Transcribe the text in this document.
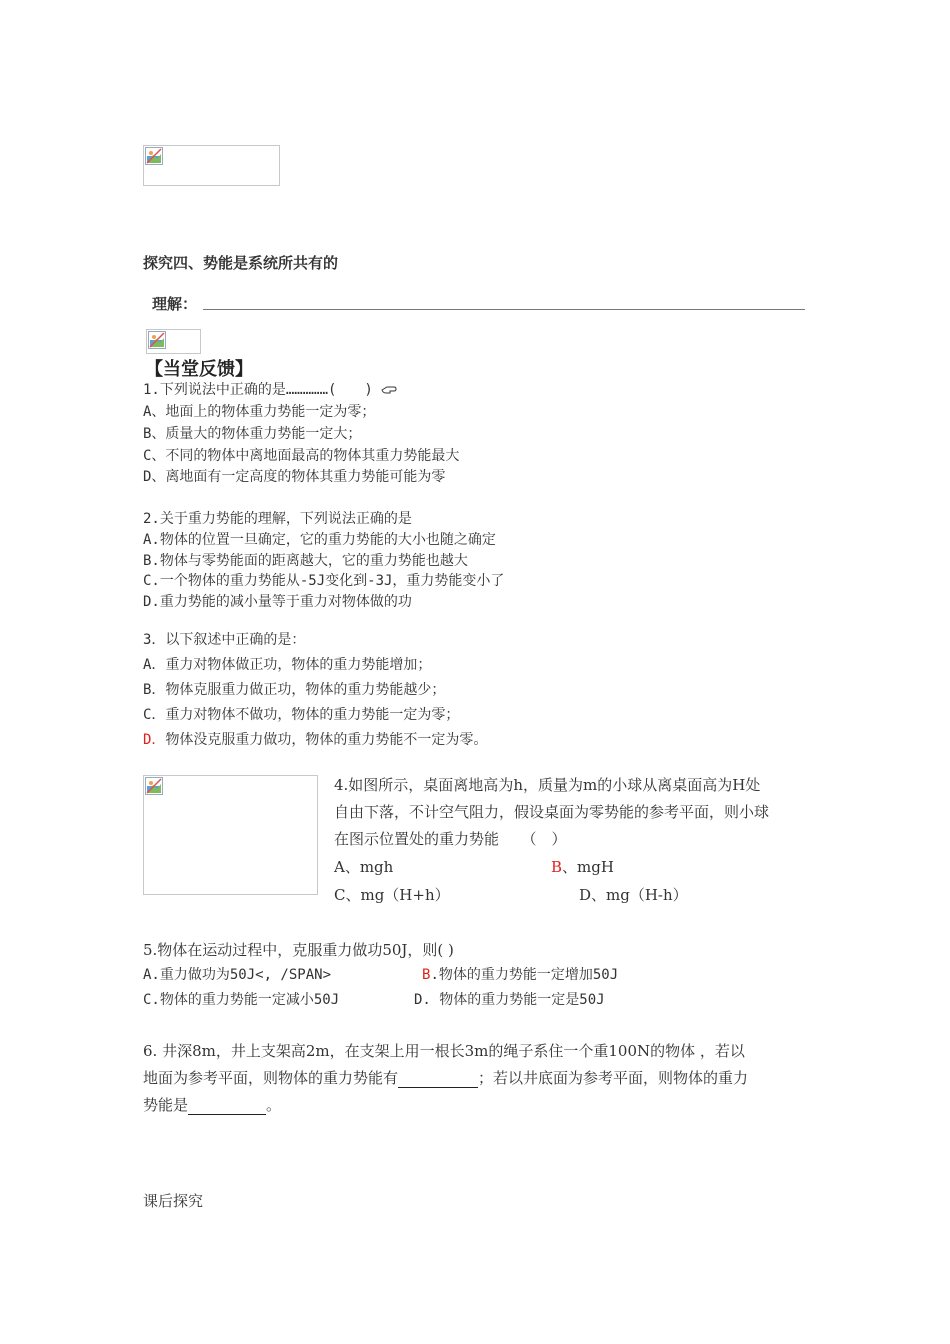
探究四、势能是系统所共有的
理解：
【当堂反馈】
1.下列说法中正确的是……………(　　)
A、地面上的物体重力势能一定为零；
B、质量大的物体重力势能一定大；
C、不同的物体中离地面最高的物体其重力势能最大
D、离地面有一定高度的物体其重力势能可能为零
2.关于重力势能的理解，下列说法正确的是
A.物体的位置一旦确定，它的重力势能的大小也随之确定
B.物体与零势能面的距离越大，它的重力势能也越大
C.一个物体的重力势能从-5J变化到-3J，重力势能变小了
D.重力势能的减小量等于重力对物体做的功
3．以下叙述中正确的是：
A．重力对物体做正功，物体的重力势能增加；
B．物体克服重力做正功，物体的重力势能越少；
C．重力对物体不做功，物体的重力势能一定为零；
D．物体没克服重力做功，物体的重力势能不一定为零。
4.如图所示，桌面离地高为h，质量为m的小球从离桌面高为H处
自由下落，不计空气阻力，假设桌面为零势能的参考平面，则小球
在图示位置处的重力势能　　（　）
A、mgh	B、mgH
C、mg（H+h）	D、mg（H-h）
5.物体在运动过程中，克服重力做功50J，则( )
A.重力做功为50J<, /SPAN>	B.物体的重力势能一定增加50J
C.物体的重力势能一定减小50J	D. 物体的重力势能一定是50J
6. 井深8m，井上支架高2m，在支架上用一根长3m的绳子系住一个重100N的物体 ，若以
地面为参考平面，则物体的重力势能有	；若以井底面为参考平面，则物体的重力
势能是	。
课后探究
